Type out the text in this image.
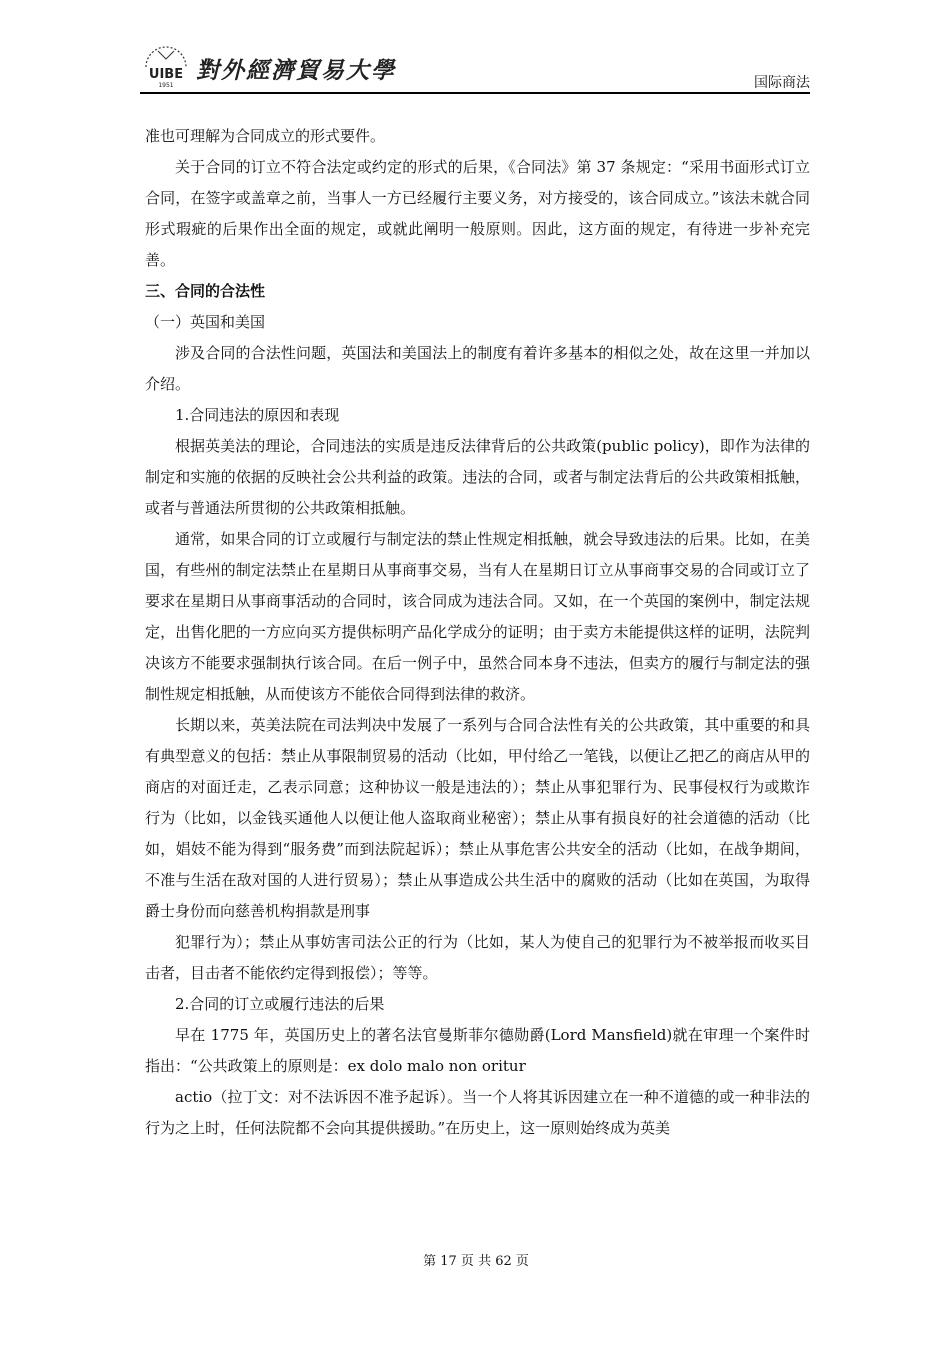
UIBE
1951
對外經濟貿易大學	国际商法

准也可理解为合同成立的形式要件。

关于合同的订立不符合法定或约定的形式的后果，《合同法》第 37 条规定：“采用书面形式订立合同，在签字或盖章之前，当事人一方已经履行主要义务，对方接受的，该合同成立。”该法未就合同形式瑕疵的后果作出全面的规定，或就此阐明一般原则。因此，这方面的规定，有待进一步补充完善。

三、合同的合法性

（一）英国和美国

涉及合同的合法性问题，英国法和美国法上的制度有着许多基本的相似之处，故在这里一并加以介绍。

1.合同违法的原因和表现

根据英美法的理论，合同违法的实质是违反法律背后的公共政策(public policy)，即作为法律的制定和实施的依据的反映社会公共利益的政策。违法的合同，或者与制定法背后的公共政策相抵触，或者与普通法所贯彻的公共政策相抵触。

通常，如果合同的订立或履行与制定法的禁止性规定相抵触，就会导致违法的后果。比如，在美国，有些州的制定法禁止在星期日从事商事交易，当有人在星期日订立从事商事交易的合同或订立了要求在星期日从事商事活动的合同时，该合同成为违法合同。又如，在一个英国的案例中，制定法规定，出售化肥的一方应向买方提供标明产品化学成分的证明；由于卖方未能提供这样的证明，法院判决该方不能要求强制执行该合同。在后一例子中，虽然合同本身不违法，但卖方的履行与制定法的强制性规定相抵触，从而使该方不能依合同得到法律的救济。

长期以来，英美法院在司法判决中发展了一系列与合同合法性有关的公共政策，其中重要的和具有典型意义的包括：禁止从事限制贸易的活动（比如，甲付给乙一笔钱，以便让乙把乙的商店从甲的商店的对面迁走，乙表示同意；这种协议一般是违法的）；禁止从事犯罪行为、民事侵权行为或欺诈行为（比如，以金钱买通他人以便让他人盗取商业秘密）；禁止从事有损良好的社会道德的活动（比如，娼妓不能为得到“服务费”而到法院起诉）；禁止从事危害公共安全的活动（比如，在战争期间，不准与生活在敌对国的人进行贸易）；禁止从事造成公共生活中的腐败的活动（比如在英国，为取得爵士身份而向慈善机构捐款是刑事

犯罪行为）；禁止从事妨害司法公正的行为（比如，某人为使自己的犯罪行为不被举报而收买目击者，目击者不能依约定得到报偿）；等等。

2.合同的订立或履行违法的后果

早在 1775 年，英国历史上的著名法官曼斯菲尔德勋爵(Lord Mansfield)就在审理一个案件时指出：“公共政策上的原则是：ex dolo malo non oritur

actio（拉丁文：对不法诉因不准予起诉）。当一个人将其诉因建立在一种不道德的或一种非法的行为之上时，任何法院都不会向其提供援助。”在历史上，这一原则始终成为英美

第 17 页 共 62 页
